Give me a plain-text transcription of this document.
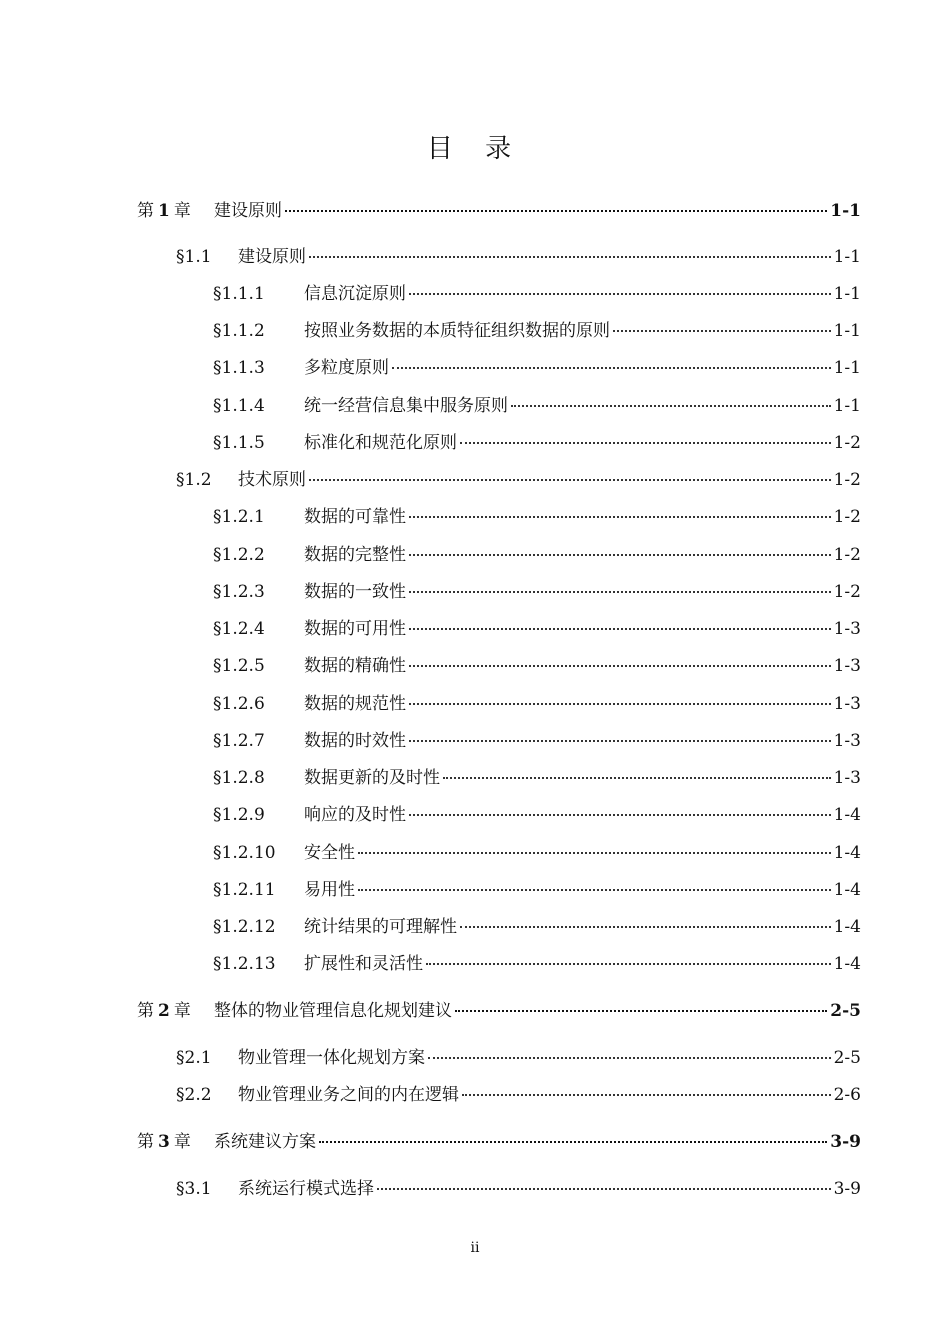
目 录
第 1 章	建设原则	1-1
§1.1	建设原则	1-1
§1.1.1	信息沉淀原则	1-1
§1.1.2	按照业务数据的本质特征组织数据的原则	1-1
§1.1.3	多粒度原则	1-1
§1.1.4	统一经营信息集中服务原则	1-1
§1.1.5	标准化和规范化原则	1-2
§1.2	技术原则	1-2
§1.2.1	数据的可靠性	1-2
§1.2.2	数据的完整性	1-2
§1.2.3	数据的一致性	1-2
§1.2.4	数据的可用性	1-3
§1.2.5	数据的精确性	1-3
§1.2.6	数据的规范性	1-3
§1.2.7	数据的时效性	1-3
§1.2.8	数据更新的及时性	1-3
§1.2.9	响应的及时性	1-4
§1.2.10	安全性	1-4
§1.2.11	易用性	1-4
§1.2.12	统计结果的可理解性	1-4
§1.2.13	扩展性和灵活性	1-4
第 2 章	整体的物业管理信息化规划建议	2-5
§2.1	物业管理一体化规划方案	2-5
§2.2	物业管理业务之间的内在逻辑	2-6
第 3 章	系统建议方案	3-9
§3.1	系统运行模式选择	3-9
ii
